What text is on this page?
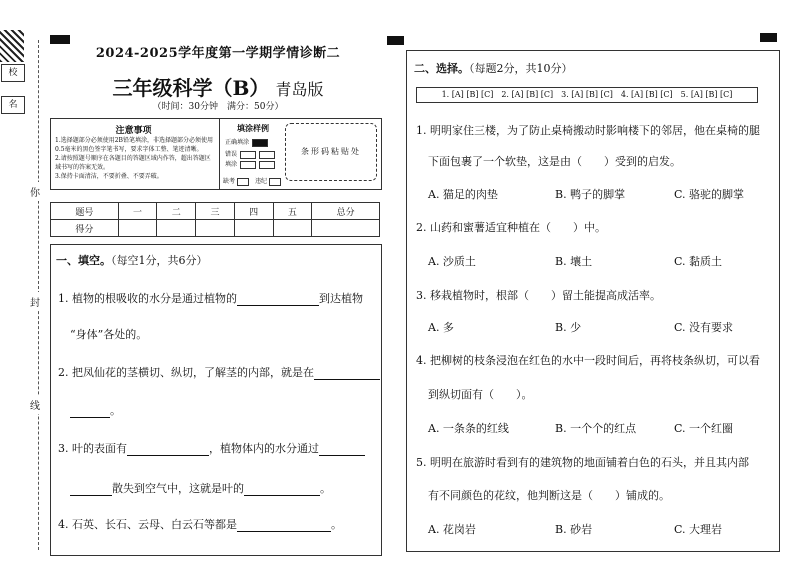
校
名
你
封
线
2024-2025学年度第一学期学情诊断二
三年级科学（B） 青岛版
（时间：30分钟　满分：50分）
注意事项
1.选择题部分必须使用2B铅笔填涂，非选择题部分必须使用
0.5毫米的黑色签字笔书写，要求字体工整、笔迹清晰。
2.请按照题号顺序在各题目的答题区域内作答，超出答题区
域书写的答案无效。
3.保持卡面清洁，不要折叠、不要弄破。
填涂样例
正确填涂
错误
填涂
缺考	违纪
条形码粘贴处
题号	一	二	三	四	五	总分
得分						
一、填空。（每空1分，共6分）
1. 植物的根吸收的水分是通过植物的	到达植物
“身体”各处的。
2. 把凤仙花的茎横切、纵切，了解茎的内部，就是在
。
3. 叶的表面有	，植物体内的水分通过
散失到空气中，这就是叶的	。
4. 石英、长石、云母、白云石等都是	。
二、选择。（每题2分，共10分）
1. [A] [B] [C]　2. [A] [B] [C]　3. [A] [B] [C]　4. [A] [B] [C]　5. [A] [B] [C]
1. 明明家住三楼，为了防止桌椅搬动时影响楼下的邻居，他在桌椅的腿
下面包裹了一个软垫，这是由（　　）受到的启发。
A. 猫足的肉垫	B. 鸭子的脚掌	C. 骆驼的脚掌
2. 山药和蜜薯适宜种植在（　　）中。
A. 沙质土	B. 壤土	C. 黏质土
3. 移栽植物时，根部（　　）留土能提高成活率。
A. 多	B. 少	C. 没有要求
4. 把柳树的枝条浸泡在红色的水中一段时间后，再将枝条纵切，可以看
到纵切面有（　　）。
A. 一条条的红线	B. 一个个的红点	C. 一个红圈
5. 明明在旅游时看到有的建筑物的地面铺着白色的石头，并且其内部
有不同颜色的花纹，他判断这是（　　）铺成的。
A. 花岗岩	B. 砂岩	C. 大理岩
